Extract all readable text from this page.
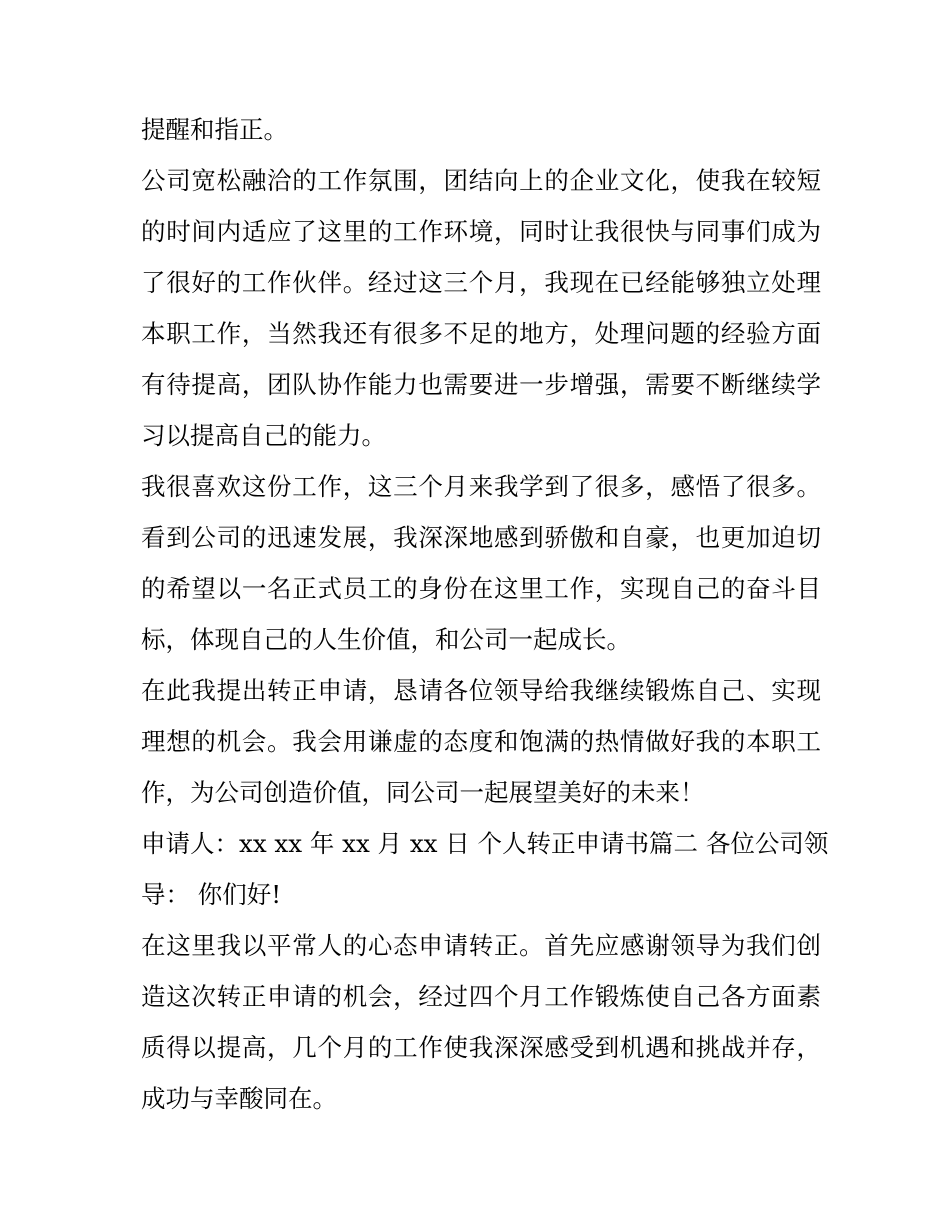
提醒和指正。
公司宽松融洽的工作氛围，团结向上的企业文化，使我在较短
的时间内适应了这里的工作环境，同时让我很快与同事们成为
了很好的工作伙伴。经过这三个月，我现在已经能够独立处理
本职工作，当然我还有很多不足的地方，处理问题的经验方面
有待提高，团队协作能力也需要进一步增强，需要不断继续学
习以提高自己的能力。
我很喜欢这份工作，这三个月来我学到了很多，感悟了很多。
看到公司的迅速发展，我深深地感到骄傲和自豪，也更加迫切
的希望以一名正式员工的身份在这里工作，实现自己的奋斗目
标，体现自己的人生价值，和公司一起成长。
在此我提出转正申请，恳请各位领导给我继续锻炼自己、实现
理想的机会。我会用谦虚的态度和饱满的热情做好我的本职工
作，为公司创造价值，同公司一起展望美好的未来！
申请人：xx xx 年 xx 月 xx 日 个人转正申请书篇二 各位公司领
导： 你们好!
在这里我以平常人的心态申请转正。首先应感谢领导为我们创
造这次转正申请的机会，经过四个月工作锻炼使自己各方面素
质得以提高，几个月的工作使我深深感受到机遇和挑战并存，
成功与幸酸同在。
